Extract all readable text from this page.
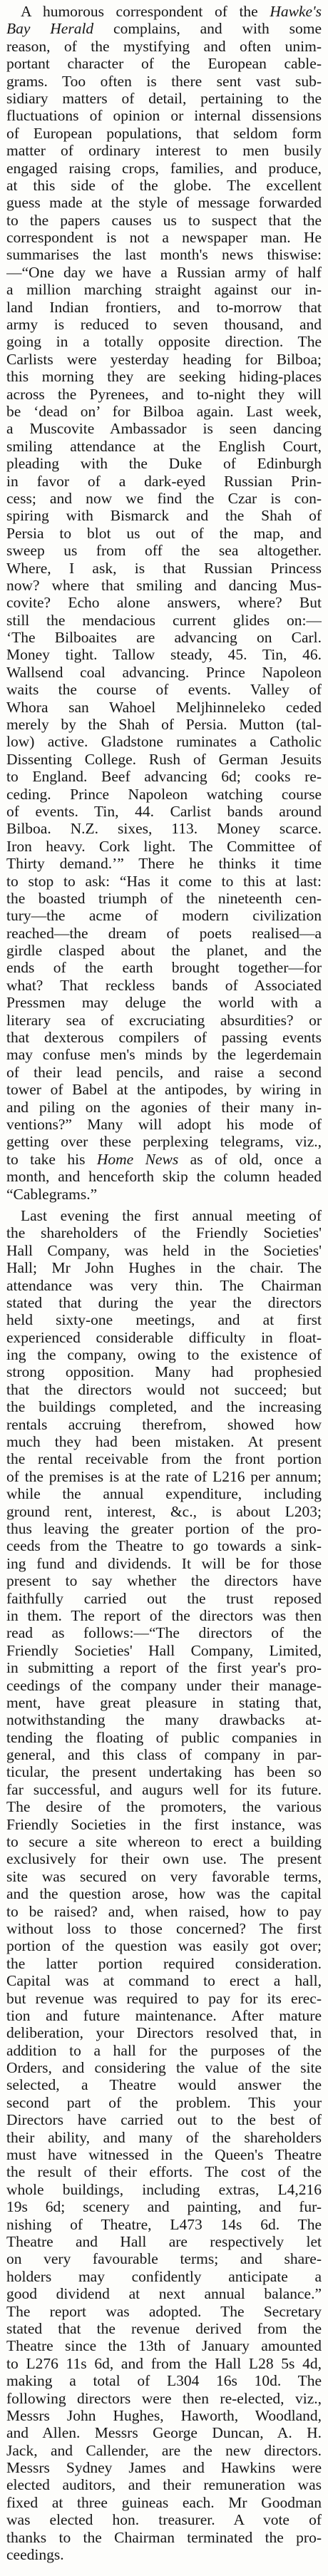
A humorous correspondent of the Hawke's
Bay Herald complains, and with some
reason, of the mystifying and often unim-
portant character of the European cable-
grams. Too often is there sent vast sub-
sidiary matters of detail, pertaining to the
fluctuations of opinion or internal dissensions
of European populations, that seldom form
matter of ordinary interest to men busily
engaged raising crops, families, and produce,
at this side of the globe. The excellent
guess made at the style of message forwarded
to the papers causes us to suspect that the
correspondent is not a newspaper man. He
summarises the last month's news thiswise:
—“One day we have a Russian army of half
a million marching straight against our in-
land Indian frontiers, and to-morrow that
army is reduced to seven thousand, and
going in a totally opposite direction. The
Carlists were yesterday heading for Bilboa;
this morning they are seeking hiding-places
across the Pyrenees, and to-night they will
be ‘dead on’ for Bilboa again. Last week,
a Muscovite Ambassador is seen dancing
smiling attendance at the English Court,
pleading with the Duke of Edinburgh
in favor of a dark-eyed Russian Prin-
cess; and now we find the Czar is con-
spiring with Bismarck and the Shah of
Persia to blot us out of the map, and
sweep us from off the sea altogether.
Where, I ask, is that Russian Princess
now? where that smiling and dancing Mus-
covite? Echo alone answers, where? But
still the mendacious current glides on:—
‘The Bilboaites are advancing on Carl.
Money tight. Tallow steady, 45. Tin, 46.
Wallsend coal advancing. Prince Napoleon
waits the course of events. Valley of
Whora san Wahoel Meljhinneleko ceded
merely by the Shah of Persia. Mutton (tal-
low) active. Gladstone ruminates a Catholic
Dissenting College. Rush of German Jesuits
to England. Beef advancing 6d; cooks re-
ceding. Prince Napoleon watching course
of events. Tin, 44. Carlist bands around
Bilboa. N.Z. sixes, 113. Money scarce.
Iron heavy. Cork light. The Committee of
Thirty demand.’” There he thinks it time
to stop to ask: “Has it come to this at last:
the boasted triumph of the nineteenth cen-
tury—the acme of modern civilization
reached—the dream of poets realised—a
girdle clasped about the planet, and the
ends of the earth brought together—for
what? That reckless bands of Associated
Pressmen may deluge the world with a
literary sea of excruciating absurdities? or
that dexterous compilers of passing events
may confuse men's minds by the legerdemain
of their lead pencils, and raise a second
tower of Babel at the antipodes, by wiring in
and piling on the agonies of their many in-
ventions?” Many will adopt his mode of
getting over these perplexing telegrams, viz.,
to take his Home News as of old, once a
month, and henceforth skip the column headed
“Cablegrams.”
Last evening the first annual meeting of
the shareholders of the Friendly Societies'
Hall Company, was held in the Societies'
Hall; Mr John Hughes in the chair. The
attendance was very thin. The Chairman
stated that during the year the directors
held sixty-one meetings, and at first
experienced considerable difficulty in float-
ing the company, owing to the existence of
strong opposition. Many had prophesied
that the directors would not succeed; but
the buildings completed, and the increasing
rentals accruing therefrom, showed how
much they had been mistaken. At present
the rental receivable from the front portion
of the premises is at the rate of L216 per annum;
while the annual expenditure, including
ground rent, interest, &c., is about L203;
thus leaving the greater portion of the pro-
ceeds from the Theatre to go towards a sink-
ing fund and dividends. It will be for those
present to say whether the directors have
faithfully carried out the trust reposed
in them. The report of the directors was then
read as follows:—“The directors of the
Friendly Societies' Hall Company, Limited,
in submitting a report of the first year's pro-
ceedings of the company under their manage-
ment, have great pleasure in stating that,
notwithstanding the many drawbacks at-
tending the floating of public companies in
general, and this class of company in par-
ticular, the present undertaking has been so
far successful, and augurs well for its future.
The desire of the promoters, the various
Friendly Societies in the first instance, was
to secure a site whereon to erect a building
exclusively for their own use. The present
site was secured on very favorable terms,
and the question arose, how was the capital
to be raised? and, when raised, how to pay
without loss to those concerned? The first
portion of the question was easily got over;
the latter portion required consideration.
Capital was at command to erect a hall,
but revenue was required to pay for its erec-
tion and future maintenance. After mature
deliberation, your Directors resolved that, in
addition to a hall for the purposes of the
Orders, and considering the value of the site
selected, a Theatre would answer the
second part of the problem. This your
Directors have carried out to the best of
their ability, and many of the shareholders
must have witnessed in the Queen's Theatre
the result of their efforts. The cost of the
whole buildings, including extras, L4,216
19s 6d; scenery and painting, and fur-
nishing of Theatre, L473 14s 6d. The
Theatre and Hall are respectively let
on very favourable terms; and share-
holders may confidently anticipate a
good dividend at next annual balance.”
The report was adopted. The Secretary
stated that the revenue derived from the
Theatre since the 13th of January amounted
to L276 11s 6d, and from the Hall L28 5s 4d,
making a total of L304 16s 10d. The
following directors were then re-elected, viz.,
Messrs John Hughes, Haworth, Woodland,
and Allen. Messrs George Duncan, A. H.
Jack, and Callender, are the new directors.
Messrs Sydney James and Hawkins were
elected auditors, and their remuneration was
fixed at three guineas each. Mr Goodman
was elected hon. treasurer. A vote of
thanks to the Chairman terminated the pro-
ceedings.
